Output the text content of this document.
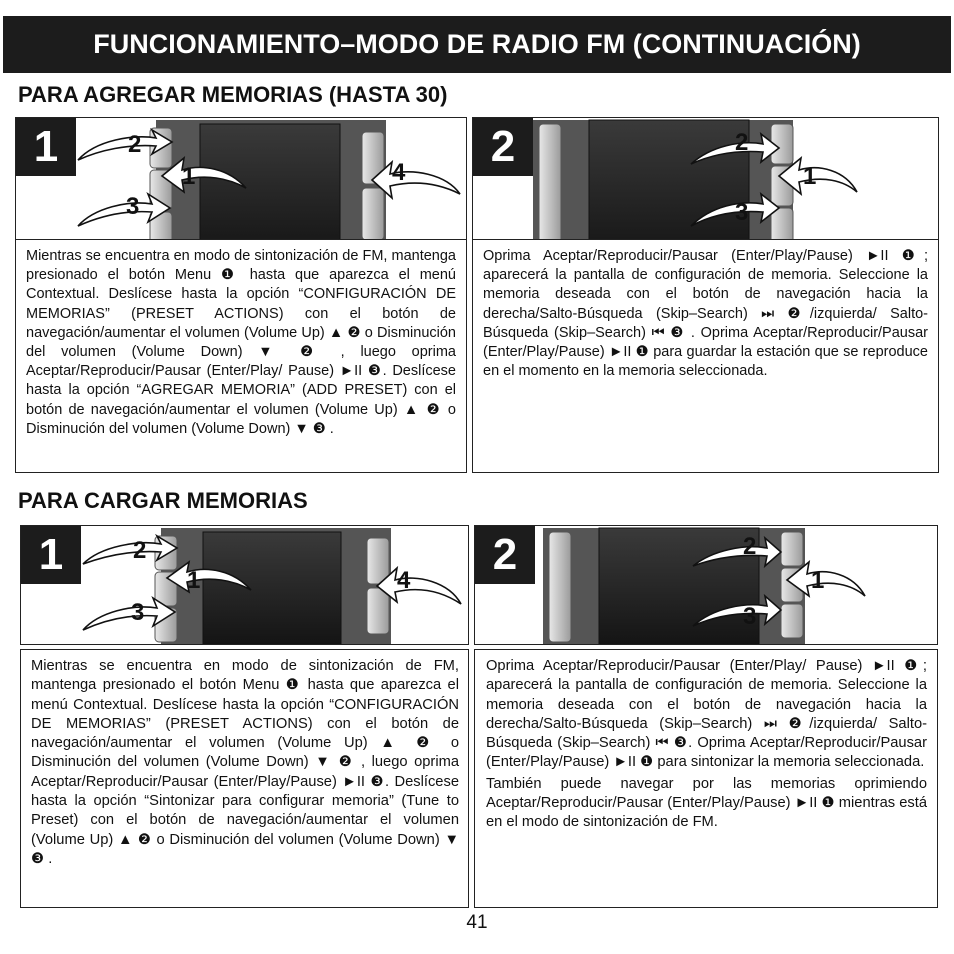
FUNCIONAMIENTO–MODO DE RADIO FM (CONTINUACIÓN)
PARA AGREGAR MEMORIAS (HASTA 30)
1	2
1
3
4
2	2
1
3

Mientras se encuentra en modo de sintonización de FM, mantenga presionado el botón Menu ❶ hasta que aparezca el menú Contextual. Deslícese hasta la opción “CONFIGURACIÓN DE MEMORIAS” (PRESET ACTIONS) con el botón de navegación/aumentar el volumen (Volume Up) ▲ ❷ o Disminución del volumen (Volume Down) ▼ ❷ , luego oprima Aceptar/Reproducir/Pausar (Enter/Play/ Pause) ►II ❸. Deslícese hasta la opción “AGREGAR MEMORIA” (ADD PRESET) con el botón de navegación/aumentar el volumen (Volume Up) ▲ ❷ o Disminución del volumen (Volume Down) ▼ ❸ .

Oprima Aceptar/Reproducir/Pausar (Enter/Play/Pause) ►II ❶; aparecerá la pantalla de configuración de memoria. Seleccione la memoria deseada con el botón de navegación hacia la derecha/Salto-Búsqueda (Skip–Search) ⏭ ❷/izquierda/ Salto-Búsqueda (Skip–Search) ⏮ ❸ . Oprima Aceptar/Reproducir/Pausar (Enter/Play/Pause) ►II ❶ para guardar la estación que se reproduce en el momento en la memoria seleccionada.

PARA CARGAR MEMORIAS
1	2
1
3
4
2	2
1
3

Mientras se encuentra en modo de sintonización de FM, mantenga presionado el botón Menu ❶ hasta que aparezca el menú Contextual. Deslícese hasta la opción “CONFIGURACIÓN DE MEMORIAS” (PRESET ACTIONS) con el botón de navegación/aumentar el volumen (Volume Up) ▲ ❷ o Disminución del volumen (Volume Down) ▼ ❷ , luego oprima Aceptar/Reproducir/Pausar (Enter/Play/Pause) ►II ❸. Deslícese hasta la opción “Sintonizar para configurar memoria” (Tune to Preset) con el botón de navegación/aumentar el volumen (Volume Up) ▲ ❷ o Disminución del volumen (Volume Down) ▼ ❸ .

Oprima Aceptar/Reproducir/Pausar (Enter/Play/ Pause) ►II ❶; aparecerá la pantalla de configuración de memoria. Seleccione la memoria deseada con el botón de navegación hacia la derecha/Salto-Búsqueda (Skip–Search) ⏭ ❷/izquierda/ Salto-Búsqueda (Skip–Search) ⏮ ❸. Oprima Aceptar/Reproducir/Pausar (Enter/Play/Pause) ►II ❶ para sintonizar la memoria seleccionada.

También puede navegar por las memorias oprimiendo Aceptar/Reproducir/Pausar (Enter/Play/Pause) ►II ❶ mientras está en el modo de sintonización de FM.

41
